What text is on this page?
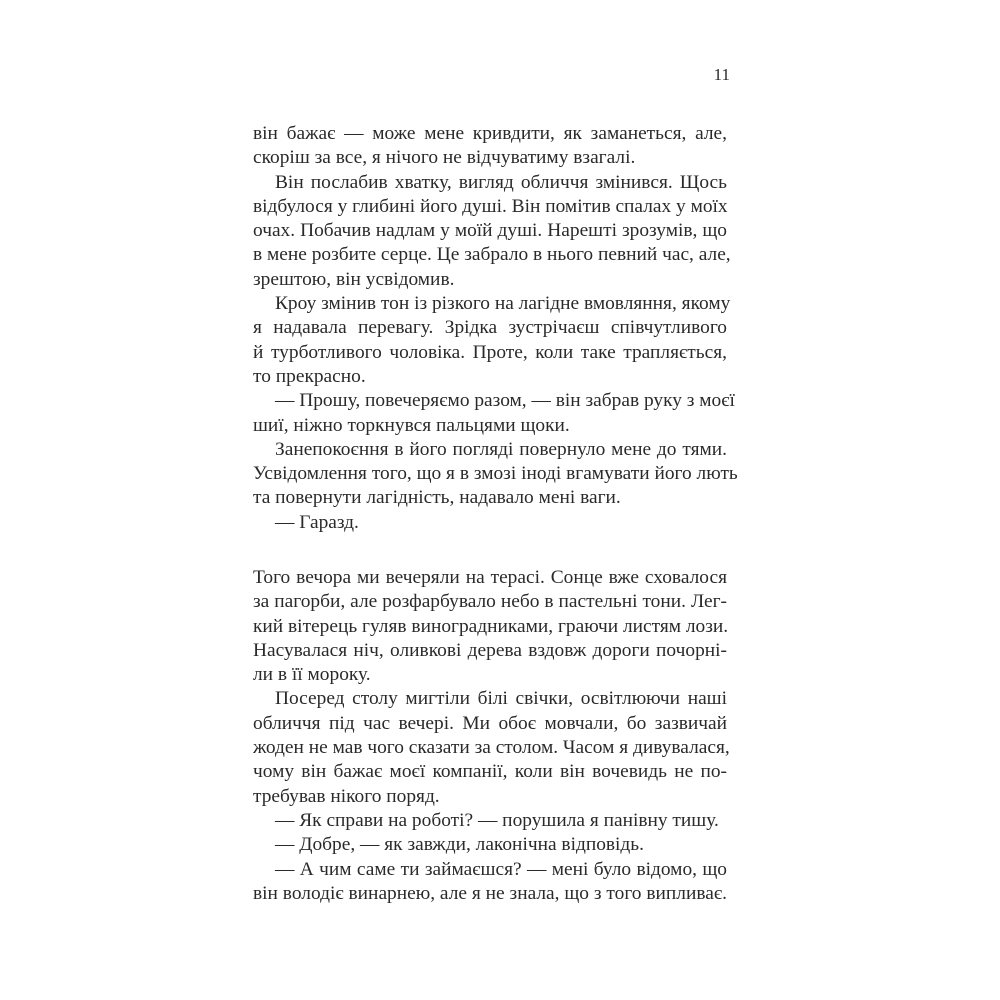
11
він бажає — може мене кривдити, як заманеться, але,
скоріш за все, я нічого не відчуватиму взагалі.
Він послабив хватку, вигляд обличчя змінився. Щось
відбулося у глибині його душі. Він помітив спалах у моїх
очах. Побачив надлам у моїй душі. Нарешті зрозумів, що
в мене розбите серце. Це забрало в нього певний час, але,
зрештою, він усвідомив.
Кроу змінив тон із різкого на лагідне вмовляння, якому
я надавала перевагу. Зрідка зустрічаєш співчутливого
й турботливого чоловіка. Проте, коли таке трапляється,
то прекрасно.
— Прошу, повечеряємо разом, — він забрав руку з моєї
шиї, ніжно торкнувся пальцями щоки.
Занепокоєння в його погляді повернуло мене до тями.
Усвідомлення того, що я в змозі іноді вгамувати його лють
та повернути лагідність, надавало мені ваги.
— Гаразд.
Того вечора ми вечеряли на терасі. Сонце вже сховалося
за пагорби, але розфарбувало небо в пастельні тони. Лег-
кий вітерець гуляв виноградниками, граючи листям лози.
Насувалася ніч, оливкові дерева вздовж дороги почорні-
ли в її мороку.
Посеред столу мигтіли білі свічки, освітлюючи наші
обличчя під час вечері. Ми обоє мовчали, бо зазвичай
жоден не мав чого сказати за столом. Часом я дивувалася,
чому він бажає моєї компанії, коли він вочевидь не по-
требував нікого поряд.
— Як справи на роботі? — порушила я панівну тишу.
— Добре, — як завжди, лаконічна відповідь.
— А чим саме ти займаєшся? — мені було відомо, що
він володіє винарнею, але я не знала, що з того випливає.
